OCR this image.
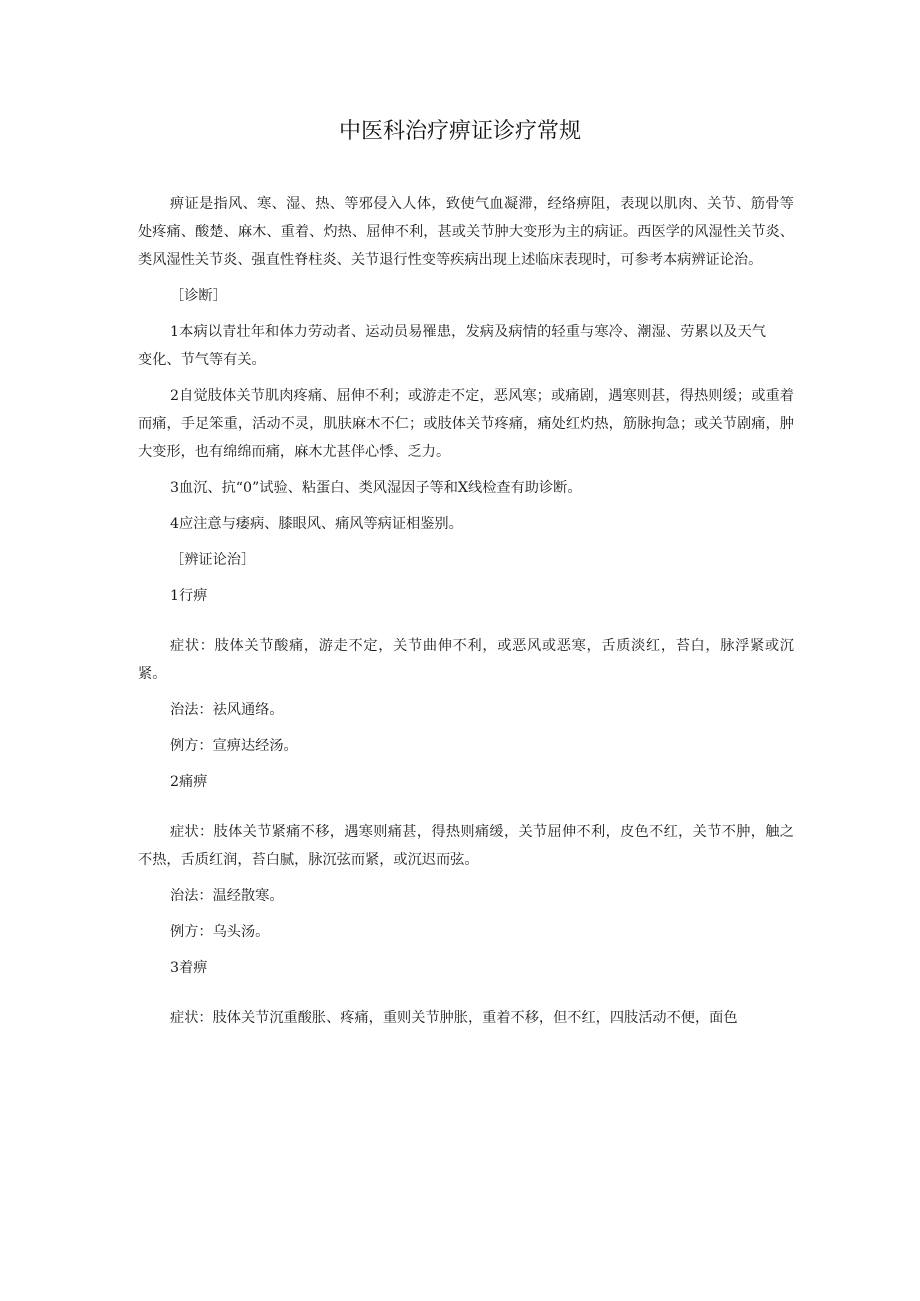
中医科治疗痹证诊疗常规

痹证是指风、寒、湿、热、等邪侵入人体，致使气血凝滞，经络痹阻，表现以肌肉、关节、筋骨等处疼痛、酸楚、麻木、重着、灼热、屈伸不利，甚或关节肿大变形为主的病证。西医学的风湿性关节炎、类风湿性关节炎、强直性脊柱炎、关节退行性变等疾病出现上述临床表现时，可参考本病辨证论治。

［诊断］

1本病以青壮年和体力劳动者、运动员易罹患，发病及病情的轻重与寒冷、潮湿、劳累以及天气变化、节气等有关。

2自觉肢体关节肌肉疼痛、屈伸不利；或游走不定，恶风寒；或痛剧，遇寒则甚，得热则缓；或重着而痛，手足笨重，活动不灵，肌肤麻木不仁；或肢体关节疼痛，痛处红灼热，筋脉拘急；或关节剧痛，肿大变形，也有绵绵而痛，麻木尤甚伴心悸、乏力。

3血沉、抗“0”试验、粘蛋白、类风湿因子等和X线检查有助诊断。

4应注意与痿病、膝眼风、痛风等病证相鉴别。

［辨证论治］

1行痹

症状：肢体关节酸痛，游走不定，关节曲伸不利，或恶风或恶寒，舌质淡红，苔白，脉浮紧或沉紧。

治法：祛风通络。

例方：宣痹达经汤。

2痛痹

症状：肢体关节紧痛不移，遇寒则痛甚，得热则痛缓，关节屈伸不利，皮色不红，关节不肿，触之不热，舌质红润，苔白腻，脉沉弦而紧，或沉迟而弦。

治法：温经散寒。

例方：乌头汤。

3着痹

症状：肢体关节沉重酸胀、疼痛，重则关节肿胀，重着不移，但不红，四肢活动不便，面色
